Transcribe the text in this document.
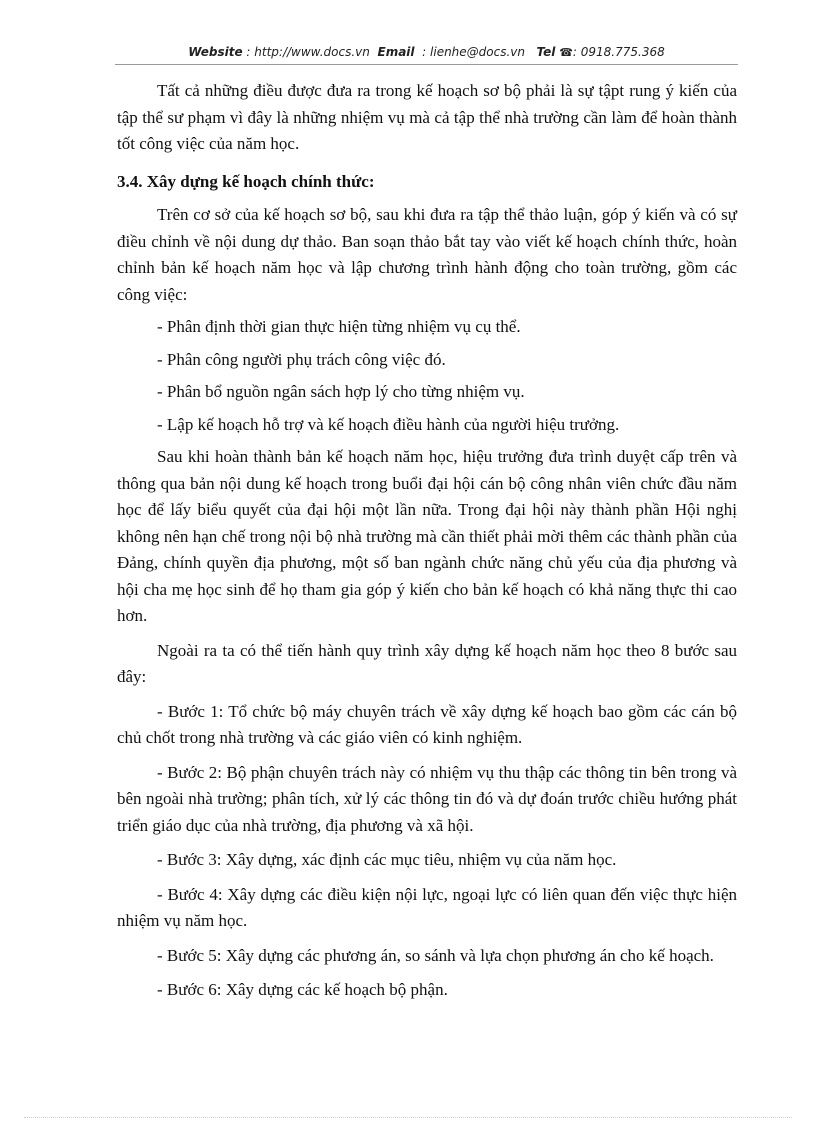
Website : http://www.docs.vn Email : lienhe@docs.vn Tel ☎: 0918.775.368

Tất cả những điều được đưa ra trong kế hoạch sơ bộ phải là sự tậpt rung ý kiến của tập thể sư phạm vì đây là những nhiệm vụ mà cả tập thể nhà trường cần làm để hoàn thành tốt công việc của năm học.

3.4. Xây dựng kế hoạch chính thức:

Trên cơ sở của kế hoạch sơ bộ, sau khi đưa ra tập thể thảo luận, góp ý kiến và có sự điều chỉnh về nội dung dự thảo. Ban soạn thảo bắt tay vào viết kế hoạch chính thức, hoàn chỉnh bản kế hoạch năm học và lập chương trình hành động cho toàn trường, gồm các công việc:

- Phân định thời gian thực hiện từng nhiệm vụ cụ thể.

- Phân công người phụ trách công việc đó.

- Phân bổ nguồn ngân sách hợp lý cho từng nhiệm vụ.

- Lập kế hoạch hỗ trợ và kế hoạch điều hành của người hiệu trưởng.

Sau khi hoàn thành bản kế hoạch năm học, hiệu trưởng đưa trình duyệt cấp trên và thông qua bản nội dung kế hoạch trong buổi đại hội cán bộ công nhân viên chức đầu năm học để lấy biểu quyết của đại hội một lần nữa. Trong đại hội này thành phần Hội nghị không nên hạn chế trong nội bộ nhà trường mà cần thiết phải mời thêm các thành phần của Đảng, chính quyền địa phương, một số ban ngành chức năng chủ yếu của địa phương và hội cha mẹ học sinh để họ tham gia góp ý kiến cho bản kế hoạch có khả năng thực thi cao hơn.

Ngoài ra ta có thể tiến hành quy trình xây dựng kế hoạch năm học theo 8 bước sau đây:

- Bước 1: Tổ chức bộ máy chuyên trách về xây dựng kế hoạch bao gồm các cán bộ chủ chốt trong nhà trường và các giáo viên có kinh nghiệm.

- Bước 2: Bộ phận chuyên trách này có nhiệm vụ thu thập các thông tin bên trong và bên ngoài nhà trường; phân tích, xử lý các thông tin đó và dự đoán trước chiều hướng phát triển giáo dục của nhà trường, địa phương và xã hội.

- Bước 3: Xây dựng, xác định các mục tiêu, nhiệm vụ của năm học.

- Bước 4: Xây dựng các điều kiện nội lực, ngoại lực có liên quan đến việc thực hiện nhiệm vụ năm học.

- Bước 5: Xây dựng các phương án, so sánh và lựa chọn phương án cho kế hoạch.

- Bước 6: Xây dựng các kế hoạch bộ phận.
